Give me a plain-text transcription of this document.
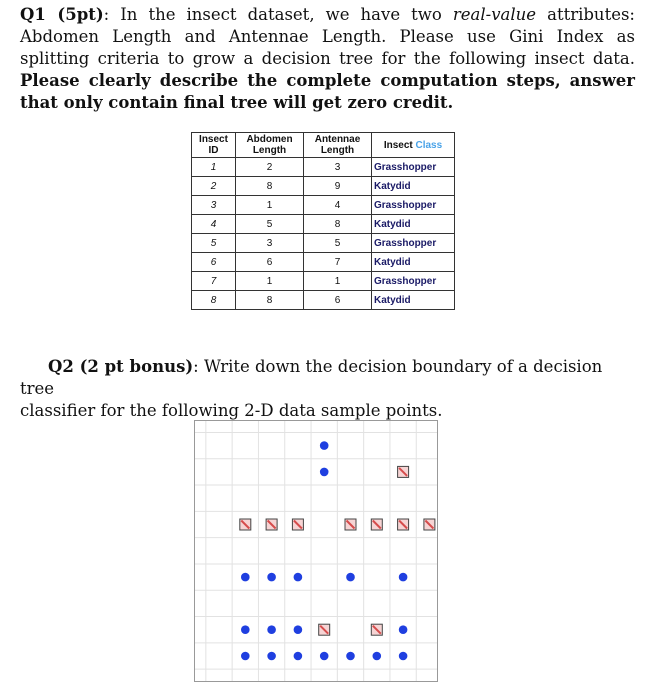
Q1 (5pt): In the insect dataset, we have two real-value attributes: Abdomen Length and Antennae Length. Please use Gini Index as splitting criteria to grow a decision tree for the following insect data. Please clearly describe the complete computation steps, answer that only contain final tree will get zero credit.
Insect ID	Abdomen Length	Antennae Length	Insect Class
1	2	3	Grasshopper
2	8	9	Katydid
3	1	4	Grasshopper
4	5	8	Katydid
5	3	5	Grasshopper
6	6	7	Katydid
7	1	1	Grasshopper
8	8	6	Katydid
Q2 (2 pt bonus): Write down the decision boundary of a decision tree
classifier for the following 2-D data sample points.
